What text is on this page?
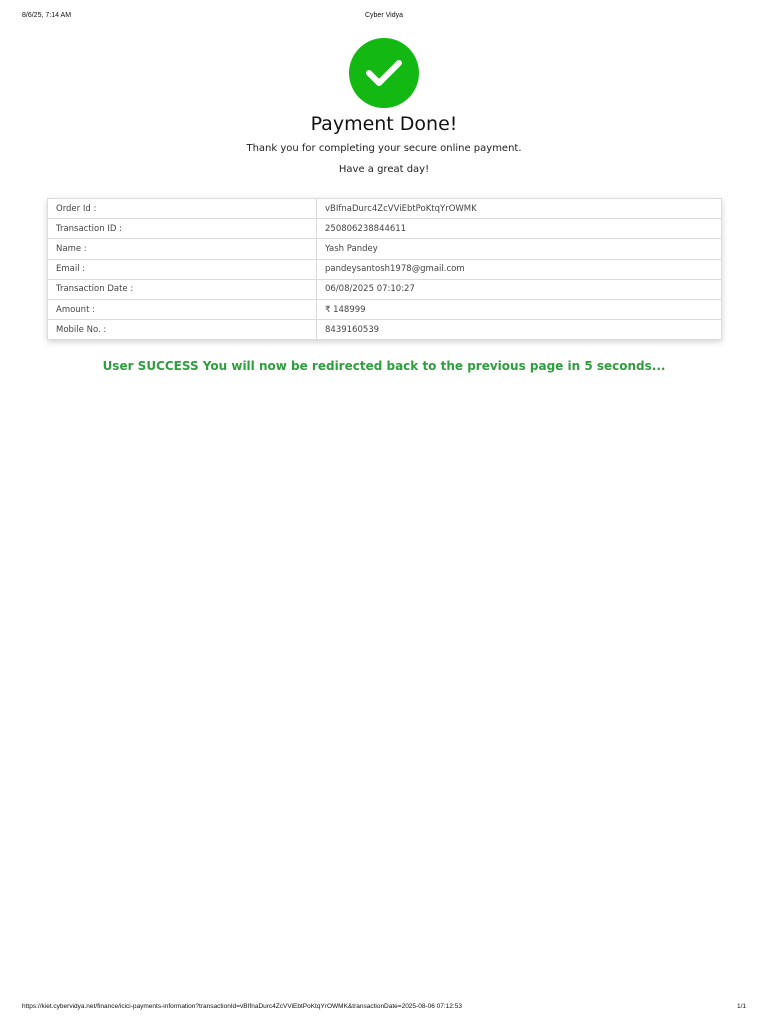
8/6/25, 7:14 AM	Cyber Vidya
Payment Done!
Thank you for completing your secure online payment.
Have a great day!
Order Id :	vBIfnaDurc4ZcVViEbtPoKtqYrOWMK
Transaction ID :	250806238844611
Name :	Yash Pandey
Email :	pandeysantosh1978@gmail.com
Transaction Date :	06/08/2025 07:10:27
Amount :	₹ 148999
Mobile No. :	8439160539
User SUCCESS You will now be redirected back to the previous page in 5 seconds...
https://kiet.cybervidya.net/finance/icici-payments-information?transactionId=vBIfnaDurc4ZcVViEbtPoKtqYrOWMK&transactionDate=2025-08-06 07:12:53	1/1
